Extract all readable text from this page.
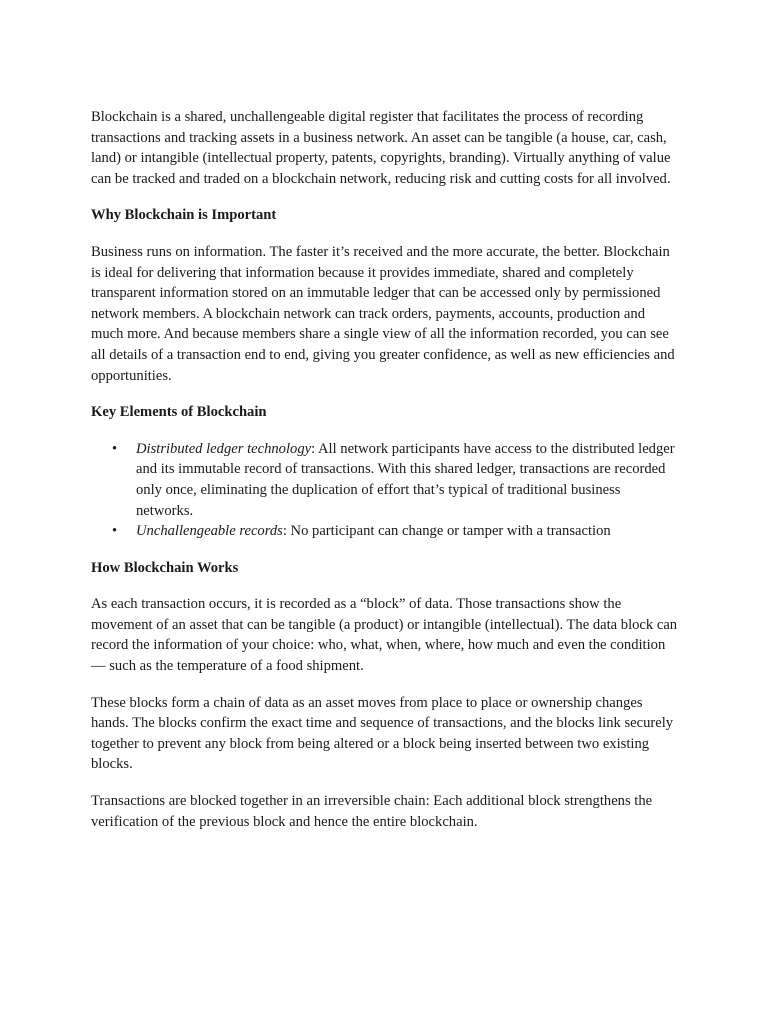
Blockchain is a shared, unchallengeable digital register that facilitates the process of recording transactions and tracking assets in a business network. An asset can be tangible (a house, car, cash, land) or intangible (intellectual property, patents, copyrights, branding). Virtually anything of value can be tracked and traded on a blockchain network, reducing risk and cutting costs for all involved.

Why Blockchain is Important

Business runs on information. The faster it’s received and the more accurate, the better. Blockchain is ideal for delivering that information because it provides immediate, shared and completely transparent information stored on an immutable ledger that can be accessed only by permissioned network members. A blockchain network can track orders, payments, accounts, production and much more. And because members share a single view of all the information recorded, you can see all details of a transaction end to end, giving you greater confidence, as well as new efficiencies and opportunities.

Key Elements of Blockchain
• Distributed ledger technology: All network participants have access to the distributed ledger and its immutable record of transactions. With this shared ledger, transactions are recorded only once, eliminating the duplication of effort that’s typical of traditional business networks.
• Unchallengeable records: No participant can change or tamper with a transaction
How Blockchain Works

As each transaction occurs, it is recorded as a “block” of data. Those transactions show the movement of an asset that can be tangible (a product) or intangible (intellectual). The data block can record the information of your choice: who, what, when, where, how much and even the condition — such as the temperature of a food shipment.

These blocks form a chain of data as an asset moves from place to place or ownership changes hands. The blocks confirm the exact time and sequence of transactions, and the blocks link securely together to prevent any block from being altered or a block being inserted between two existing blocks.

Transactions are blocked together in an irreversible chain: Each additional block strengthens the verification of the previous block and hence the entire blockchain.
